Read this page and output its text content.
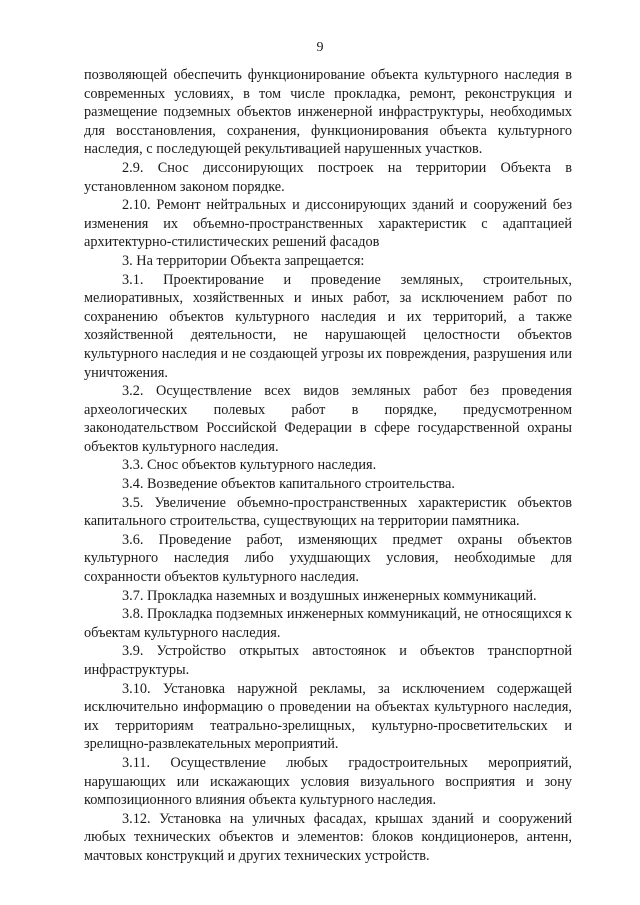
9

позволяющей обеспечить функционирование объекта культурного наследия в современных условиях, в том числе прокладка, ремонт, реконструкция и размещение подземных объектов инженерной инфраструктуры, необходимых для восстановления, сохранения, функционирования объекта культурного наследия, с последующей рекультивацией нарушенных участков.

2.9. Снос диссонирующих построек на территории Объекта в установленном законом порядке.

2.10. Ремонт нейтральных и диссонирующих зданий и сооружений без изменения их объемно-пространственных характеристик с адаптацией архитектурно-стилистических решений фасадов

3. На территории Объекта запрещается:

3.1. Проектирование и проведение земляных, строительных, мелиоративных, хозяйственных и иных работ, за исключением работ по сохранению объектов культурного наследия и их территорий, а также хозяйственной деятельности, не нарушающей целостности объектов культурного наследия и не создающей угрозы их повреждения, разрушения или уничтожения.

3.2. Осуществление всех видов земляных работ без проведения археологических полевых работ в порядке, предусмотренном законодательством Российской Федерации в сфере государственной охраны объектов культурного наследия.

3.3. Снос объектов культурного наследия.

3.4. Возведение объектов капитального строительства.

3.5. Увеличение объемно-пространственных характеристик объектов капитального строительства, существующих на территории памятника.

3.6. Проведение работ, изменяющих предмет охраны объектов культурного наследия либо ухудшающих условия, необходимые для сохранности объектов культурного наследия.

3.7. Прокладка наземных и воздушных инженерных коммуникаций.

3.8. Прокладка подземных инженерных коммуникаций, не относящихся к объектам культурного наследия.

3.9. Устройство открытых автостоянок и объектов транспортной инфраструктуры.

3.10. Установка наружной рекламы, за исключением содержащей исключительно информацию о проведении на объектах культурного наследия, их территориям театрально-зрелищных, культурно-просветительских и зрелищно-развлекательных мероприятий.

3.11. Осуществление любых градостроительных мероприятий, нарушающих или искажающих условия визуального восприятия и зону композиционного влияния объекта культурного наследия.

3.12. Установка на уличных фасадах, крышах зданий и сооружений любых технических объектов и элементов: блоков кондиционеров, антенн, мачтовых конструкций и других технических устройств.
